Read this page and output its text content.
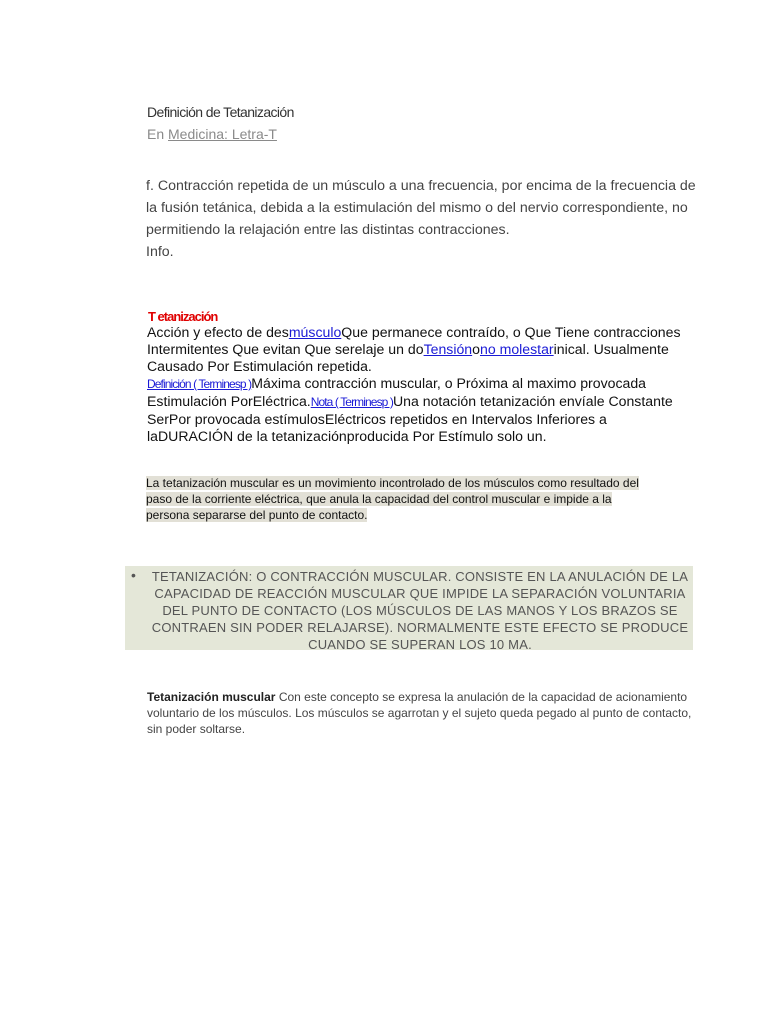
Definición de Tetanización
En Medicina: Letra-T
f. Contracción repetida de un músculo a una frecuencia, por encima de la frecuencia de la fusión tetánica, debida a la estimulación del mismo o del nervio correspondiente, no permitiendo la relajación entre las distintas contracciones.
Info.
T etanización
Acción y efecto de desmúsculoQue permanece contraído, o Que Tiene contracciones Intermitentes Que evitan Que serelaje un doTensiónono molestarinical. Usualmente Causado Por Estimulación repetida.
Definición ( Terminesp )Máxima contracción muscular, o Próxima al maximo provocada Estimulación PorEléctrica.Nota ( Terminesp )Una notación tetanización envíale Constante SerPor provocada estímulosEléctricos repetidos en Intervalos Inferiores a laDURACIÓN de la tetanizaciónproducida Por Estímulo solo un.
La tetanización muscular es un movimiento incontrolado de los músculos como resultado del paso de la corriente eléctrica, que anula la capacidad del control muscular e impide a la persona separarse del punto de contacto.
• TETANIZACIÓN: O CONTRACCIÓN MUSCULAR. CONSISTE EN LA ANULACIÓN DE LA CAPACIDAD DE REACCIÓN MUSCULAR QUE IMPIDE LA SEPARACIÓN VOLUNTARIA DEL PUNTO DE CONTACTO (LOS MÚSCULOS DE LAS MANOS Y LOS BRAZOS SE CONTRAEN SIN PODER RELAJARSE). NORMALMENTE ESTE EFECTO SE PRODUCE CUANDO SE SUPERAN LOS 10 MA.
Tetanización muscular Con este concepto se expresa la anulación de la capacidad de acionamiento voluntario de los músculos. Los músculos se agarrotan y el sujeto queda pegado al punto de contacto, sin poder soltarse.
